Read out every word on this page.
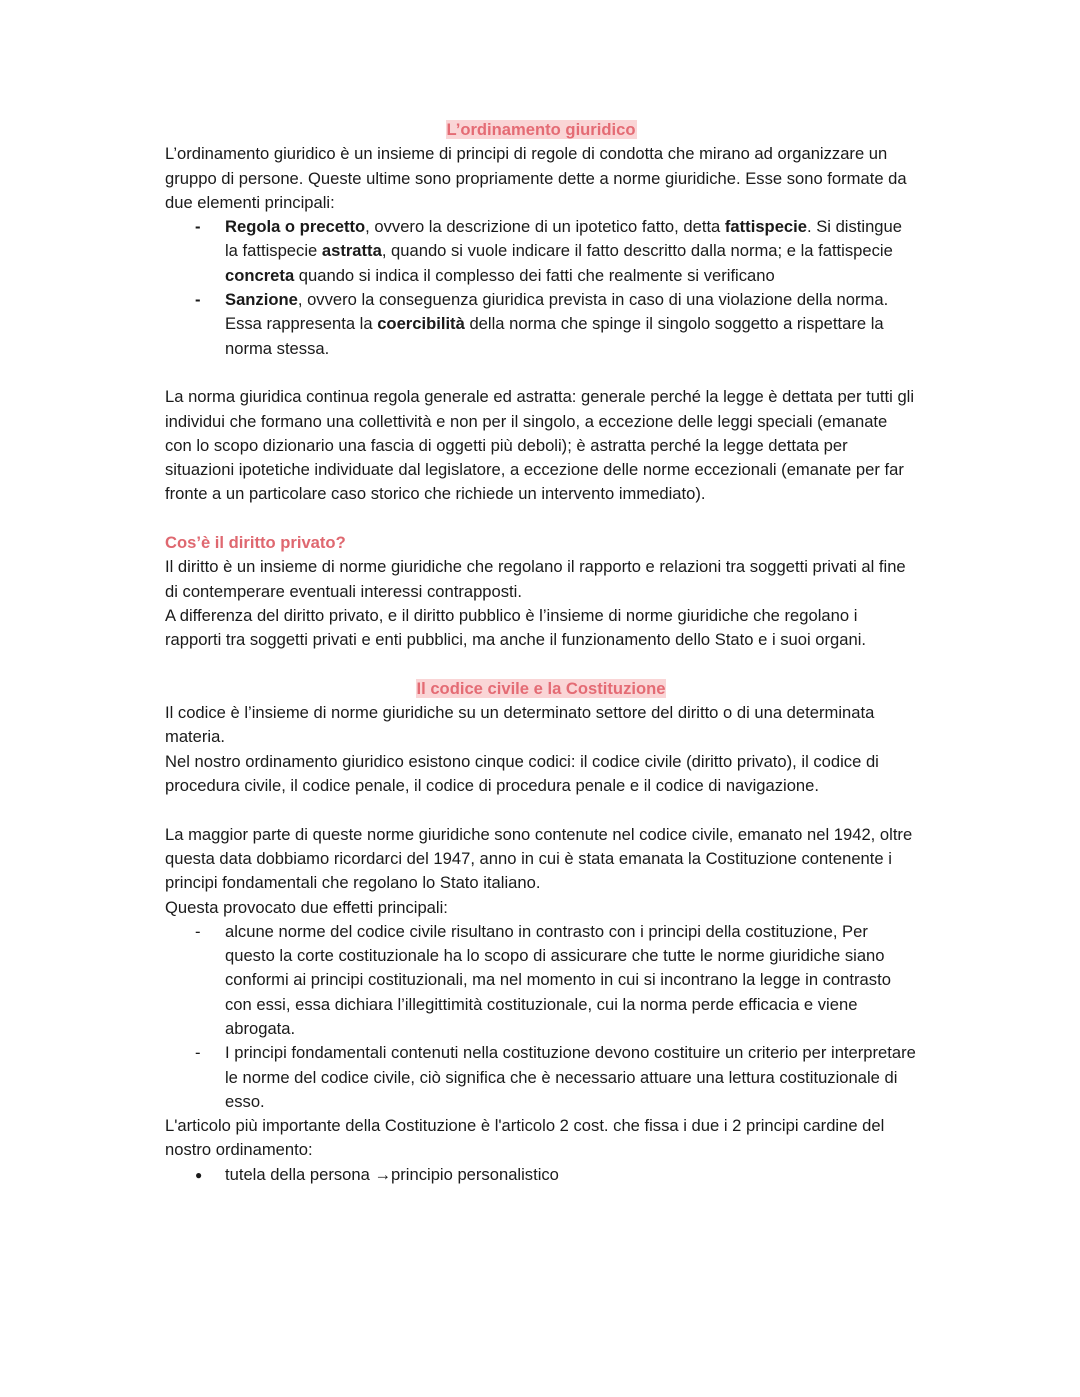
L’ordinamento giuridico

L’ordinamento giuridico è un insieme di principi di regole di condotta che mirano ad organizzare un gruppo di persone. Queste ultime sono propriamente dette a norme giuridiche. Esse sono formate da due elementi principali:

-	Regola o precetto, ovvero la descrizione di un ipotetico fatto, detta fattispecie. Si distingue la fattispecie astratta, quando si vuole indicare il fatto descritto dalla norma; e la fattispecie concreta quando si indica il complesso dei fatti che realmente si verificano
-	Sanzione, ovvero la conseguenza giuridica prevista in caso di una violazione della norma. Essa rappresenta la coercibilità della norma che spinge il singolo soggetto a rispettare la norma stessa.

La norma giuridica continua regola generale ed astratta: generale perché la legge è dettata per tutti gli individui che formano una collettività e non per il singolo, a eccezione delle leggi speciali (emanate con lo scopo dizionario una fascia di oggetti più deboli); è astratta perché la legge dettata per situazioni ipotetiche individuate dal legislatore, a eccezione delle norme eccezionali (emanate per far fronte a un particolare caso storico che richiede un intervento immediato).

Cos’è il diritto privato?

Il diritto è un insieme di norme giuridiche che regolano il rapporto e relazioni tra soggetti privati al fine di contemperare eventuali interessi contrapposti.

A differenza del diritto privato, e il diritto pubblico è l’insieme di norme giuridiche che regolano i rapporti tra soggetti privati e enti pubblici, ma anche il funzionamento dello Stato e i suoi organi.

Il codice civile e la Costituzione

Il codice è l’insieme di norme giuridiche su un determinato settore del diritto o di una determinata materia.

Nel nostro ordinamento giuridico esistono cinque codici: il codice civile (diritto privato), il codice di procedura civile, il codice penale, il codice di procedura penale e il codice di navigazione.

La maggior parte di queste norme giuridiche sono contenute nel codice civile, emanato nel 1942, oltre questa data dobbiamo ricordarci del 1947, anno in cui è stata emanata la Costituzione contenente i principi fondamentali che regolano lo Stato italiano.

Questa provocato due effetti principali:

-	alcune norme del codice civile risultano in contrasto con i principi della costituzione, Per questo la corte costituzionale ha lo scopo di assicurare che tutte le norme giuridiche siano conformi ai principi costituzionali, ma nel momento in cui si incontrano la legge in contrasto con essi, essa dichiara l’illegittimità costituzionale, cui la norma perde efficacia e viene abrogata.
-	I principi fondamentali contenuti nella costituzione devono costituire un criterio per interpretare le norme del codice civile, ciò significa che è necessario attuare una lettura costituzionale di esso.

L'articolo più importante della Costituzione è l'articolo 2 cost. che fissa i due i 2 principi cardine del nostro ordinamento:

●	tutela della persona →principio personalistico
